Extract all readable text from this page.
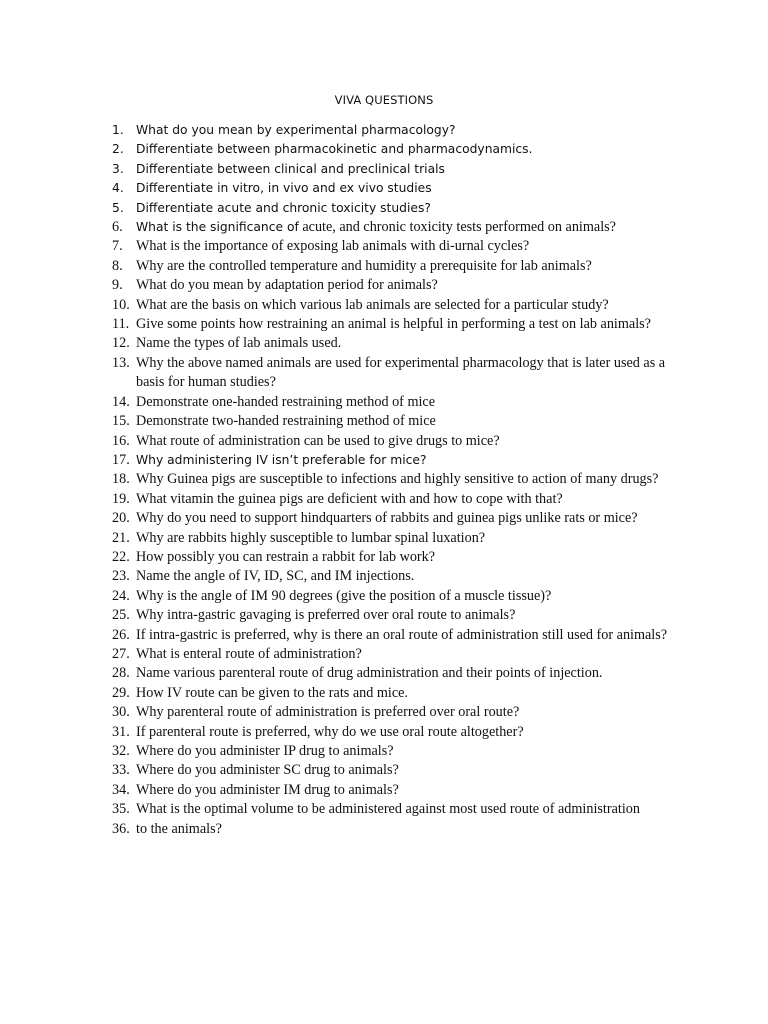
VIVA QUESTIONS
1. What do you mean by experimental pharmacology?
2. Differentiate between pharmacokinetic and pharmacodynamics.
3. Differentiate between clinical and preclinical trials
4. Differentiate in vitro, in vivo and ex vivo studies
5. Differentiate acute and chronic toxicity studies?
6.	What is the significance of acute, and chronic toxicity tests performed on animals?
7. What is the importance of exposing lab animals with di-urnal cycles?
8. Why are the controlled temperature and humidity a prerequisite for lab animals?
9. What do you mean by adaptation period for animals?
10. What are the basis on which various lab animals are selected for a particular study?
11. Give some points how restraining an animal is helpful in performing a test on lab animals?
12. Name the types of lab animals used.
13. Why the above named animals are used for experimental pharmacology that is later used as a basis for human studies?
14. Demonstrate one-handed restraining method of mice
15. Demonstrate two-handed restraining method of mice
16. What route of administration can be used to give drugs to mice?
17. Why administering IV isn’t preferable for mice?
18. Why Guinea pigs are susceptible to infections and highly sensitive to action of many drugs?
19. What vitamin the guinea pigs are deficient with and how to cope with that?
20. Why do you need to support hindquarters of rabbits and guinea pigs unlike rats or mice?
21. Why are rabbits highly susceptible to lumbar spinal luxation?
22. How possibly you can restrain a rabbit for lab work?
23. Name the angle of IV, ID, SC, and IM injections.
24. Why is the angle of IM 90 degrees (give the position of a muscle tissue)?
25. Why intra-gastric gavaging is preferred over oral route to animals?
26. If intra-gastric is preferred, why is there an oral route of administration still used for animals?
27. What is enteral route of administration?
28. Name various parenteral route of drug administration and their points of injection.
29. How IV route can be given to the rats and mice.
30. Why parenteral route of administration is preferred over oral route?
31. If parenteral route is preferred, why do we use oral route altogether?
32. Where do you administer IP drug to animals?
33. Where do you administer SC drug to animals?
34. Where do you administer IM drug to animals?
35. What is the optimal volume to be administered against most used route of administration
36. to the animals?
